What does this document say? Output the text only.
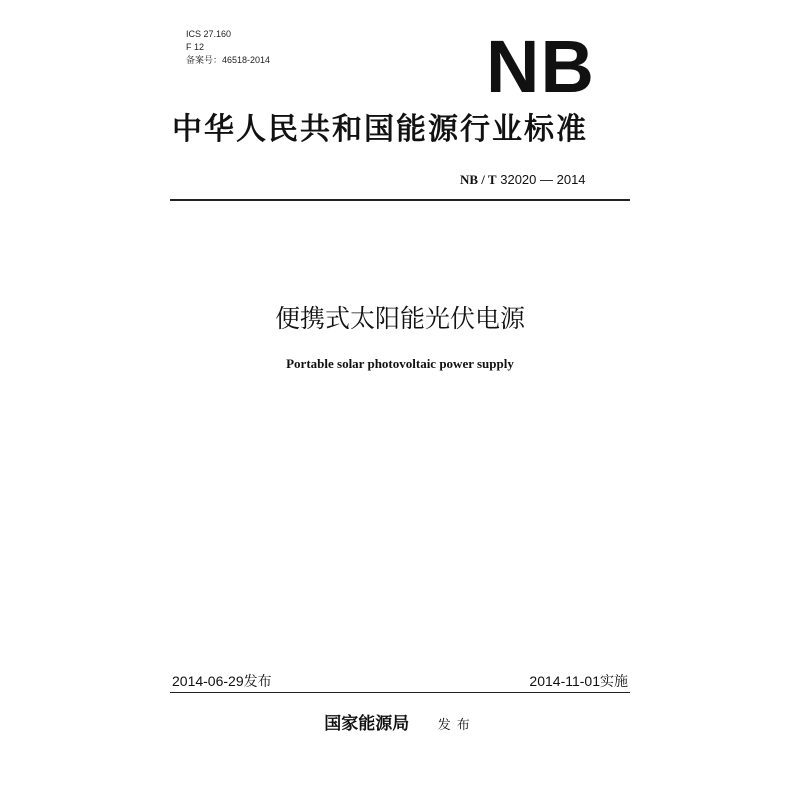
ICS 27.160
F 12
备案号：46518-2014	NB
中华人民共和国能源行业标准
NB / T 32020 — 2014
便携式太阳能光伏电源
Portable solar photovoltaic power supply
2014-06-29发布	2014-11-01实施
国家能源局 发布
